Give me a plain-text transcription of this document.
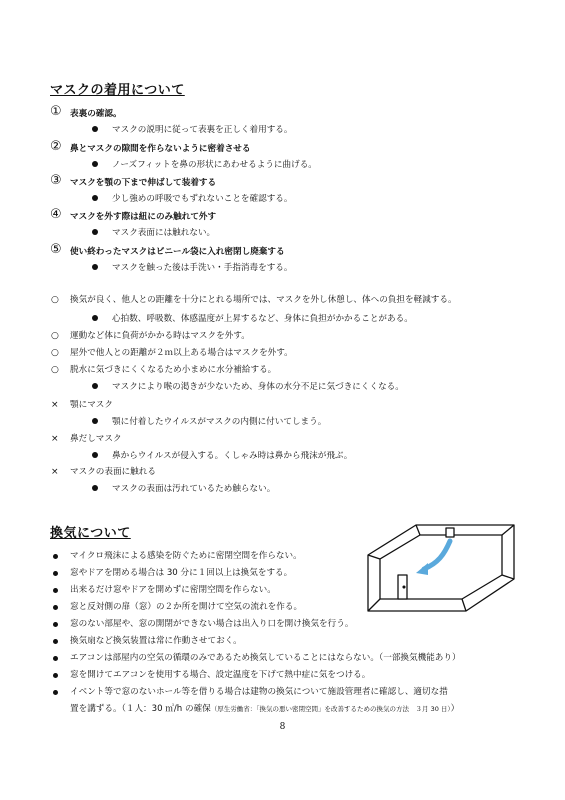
マスクの着用について
① 表裏の確認。
マスクの説明に従って表裏を正しく着用する。
② 鼻とマスクの隙間を作らないように密着させる
ノーズフィットを鼻の形状にあわせるように曲げる。
③ マスクを顎の下まで伸ばして装着する
少し強めの呼吸でもずれないことを確認する。
④ マスクを外す際は紐にのみ触れて外す
マスク表面には触れない。
⑤ 使い終わったマスクはビニール袋に入れ密閉し廃棄する
マスクを触った後は手洗い・手指消毒をする。
○ 換気が良く、他人との距離を十分にとれる場所では、マスクを外し休憩し、体への負担を軽減する。
心拍数、呼吸数、体感温度が上昇するなど、身体に負担がかかることがある。
○ 運動など体に負荷がかかる時はマスクを外す。
○ 屋外で他人との距離が２ｍ以上ある場合はマスクを外す。
○ 脱水に気づきにくくなるため小まめに水分補給する。
マスクにより喉の渇きが少ないため、身体の水分不足に気づきにくくなる。
× 顎にマスク
顎に付着したウイルスがマスクの内側に付いてしまう。
× 鼻だしマスク
鼻からウイルスが侵入する。くしゃみ時は鼻から飛沫が飛ぶ。
× マスクの表面に触れる
マスクの表面は汚れているため触らない。
換気について
マイクロ飛沫による感染を防ぐために密閉空間を作らない。
窓やドアを閉める場合は 30 分に１回以上は換気をする。
出来るだけ窓やドアを開めずに密閉空間を作らない。
窓と反対側の扉（窓）の２か所を開けて空気の流れを作る。
窓のない部屋や、窓の開閉ができない場合は出入り口を開け換気を行う。
換気扇など換気装置は常に作動させておく。
エアコンは部屋内の空気の循環のみであるため換気していることにはならない。（一部換気機能あり）
窓を開けてエアコンを使用する場合、設定温度を下げて熱中症に気をつける。
イベント等で窓のないホール等を借りる場合は建物の換気について施設管理者に確認し、適切な措
置を講ずる。（１人：30 ㎥/h の確保（厚生労働省：「換気の悪い密閉空間」を改善するための換気の方法　３月 30 日））
8
